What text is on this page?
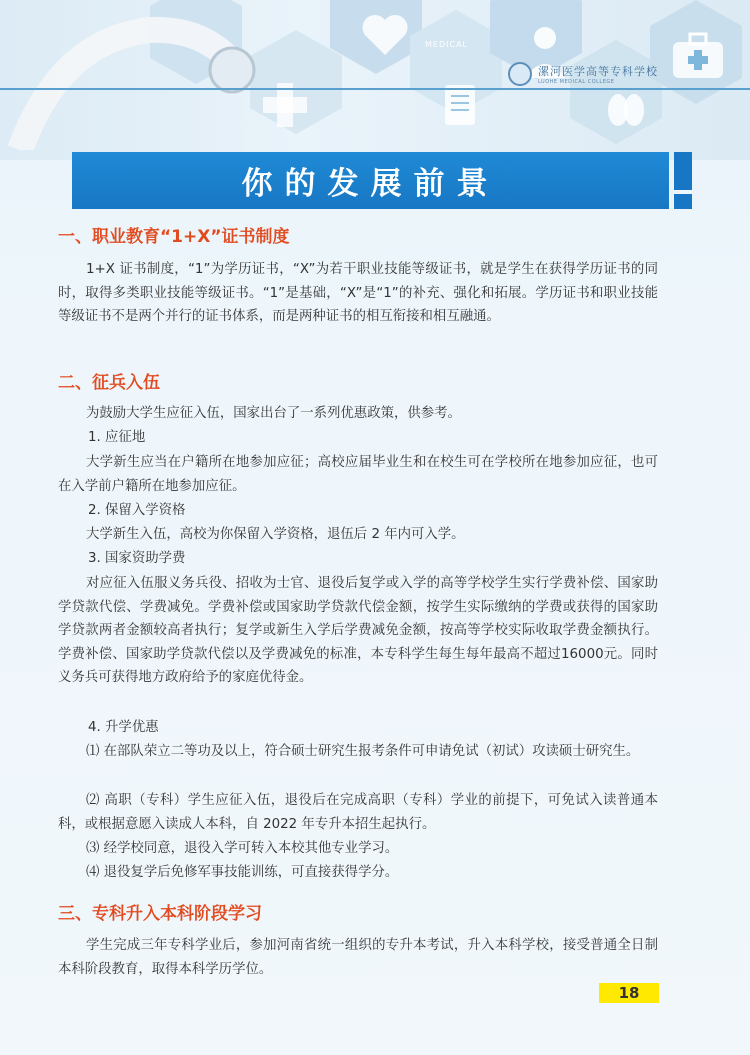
MEDICAL
漯河医学高等专科学校
LUOHE MEDICAL COLLEGE
你的发展前景
一、职业教育“1+X”证书制度

1+X 证书制度，“1”为学历证书，“X”为若干职业技能等级证书，就是学生在获得学历证书的同时，取得多类职业技能等级证书。“1”是基础，“X”是“1”的补充、强化和拓展。学历证书和职业技能等级证书不是两个并行的证书体系，而是两种证书的相互衔接和相互融通。

二、征兵入伍

为鼓励大学生应征入伍，国家出台了一系列优惠政策，供参考。

1. 应征地

大学新生应当在户籍所在地参加应征；高校应届毕业生和在校生可在学校所在地参加应征，也可在入学前户籍所在地参加应征。

2. 保留入学资格

大学新生入伍，高校为你保留入学资格，退伍后 2 年内可入学。

3. 国家资助学费

对应征入伍服义务兵役、招收为士官、退役后复学或入学的高等学校学生实行学费补偿、国家助学贷款代偿、学费减免。学费补偿或国家助学贷款代偿金额，按学生实际缴纳的学费或获得的国家助学贷款两者金额较高者执行；复学或新生入学后学费减免金额，按高等学校实际收取学费金额执行。学费补偿、国家助学贷款代偿以及学费减免的标准，本专科学生每生每年最高不超过16000元。同时义务兵可获得地方政府给予的家庭优待金。

4. 升学优惠

⑴ 在部队荣立二等功及以上，符合硕士研究生报考条件可申请免试（初试）攻读硕士研究生。

⑵ 高职（专科）学生应征入伍，退役后在完成高职（专科）学业的前提下，可免试入读普通本科，或根据意愿入读成人本科，自 2022 年专升本招生起执行。

⑶ 经学校同意，退役入学可转入本校其他专业学习。

⑷ 退役复学后免修军事技能训练，可直接获得学分。

三、专科升入本科阶段学习

学生完成三年专科学业后，参加河南省统一组织的专升本考试，升入本科学校，接受普通全日制本科阶段教育，取得本科学历学位。

18
